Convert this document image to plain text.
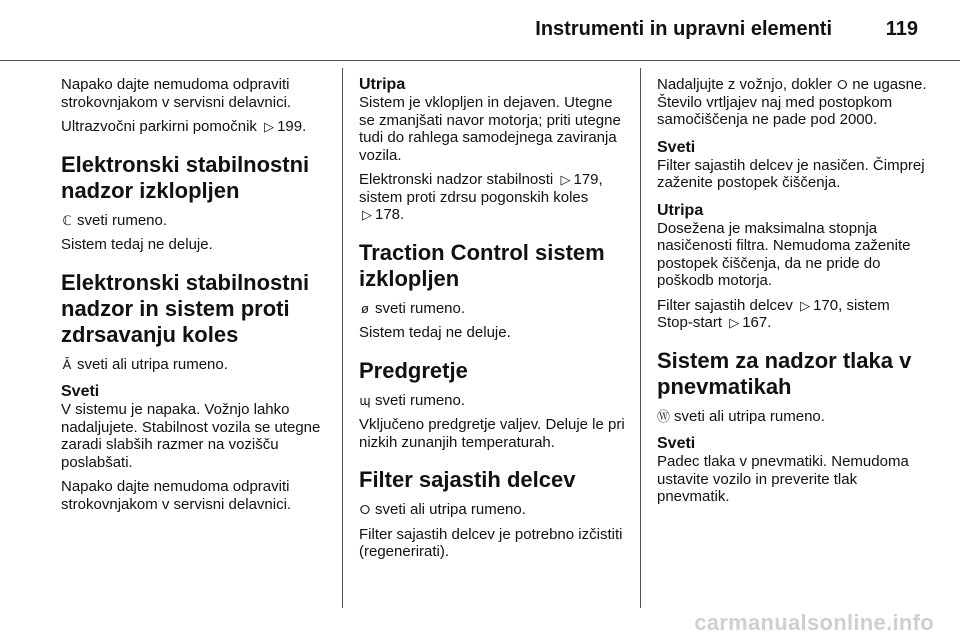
Instrumenti in upravni elementi	119

Napako dajte nemudoma odpraviti strokovnjakom v servisni delavnici.

Ultrazvočni parkirni pomočnik ▷ 199.

Elektronski stabilnostni nadzor izklopljen

ℂ sveti rumeno.

Sistem tedaj ne deluje.

Elektronski stabilnostni nadzor in sistem proti zdrsavanju koles

Ǡ sveti ali utripa rumeno.

Sveti

V sistemu je napaka. Vožnjo lahko nadaljujete. Stabilnost vozila se utegne zaradi slabših razmer na vozišču poslabšati.

Napako dajte nemudoma odpraviti strokovnjakom v servisni delavnici.

Utripa

Sistem je vklopljen in dejaven. Utegne se zmanjšati navor motorja; priti utegne tudi do rahlega samodejnega zaviranja vozila.

Elektronski nadzor stabilnosti ▷ 179, sistem proti zdrsu pogonskih koles ▷ 178.

Traction Control sistem izklopljen

ø sveti rumeno.

Sistem tedaj ne deluje.

Predgretje

ɰ sveti rumeno.

Vključeno predgretje valjev. Deluje le pri nizkih zunanjih temperaturah.

Filter sajastih delcev

⭘ sveti ali utripa rumeno.

Filter sajastih delcev je potrebno izčistiti (regenerirati).

Nadaljujte z vožnjo, dokler ⭘ ne ugasne. Število vrtljajev naj med postopkom samočiščenja ne pade pod 2000.

Sveti

Filter sajastih delcev je nasičen. Čimprej zaženite postopek čiščenja.

Utripa

Dosežena je maksimalna stopnja nasičenosti filtra. Nemudoma zaženite postopek čiščenja, da ne pride do poškodb motorja.

Filter sajastih delcev ▷ 170, sistem Stop-start ▷ 167.

Sistem za nadzor tlaka v pnevmatikah

Ⓦ sveti ali utripa rumeno.

Sveti

Padec tlaka v pnevmatiki. Nemudoma ustavite vozilo in preverite tlak pnevmatik.

carmanualsonline.info
